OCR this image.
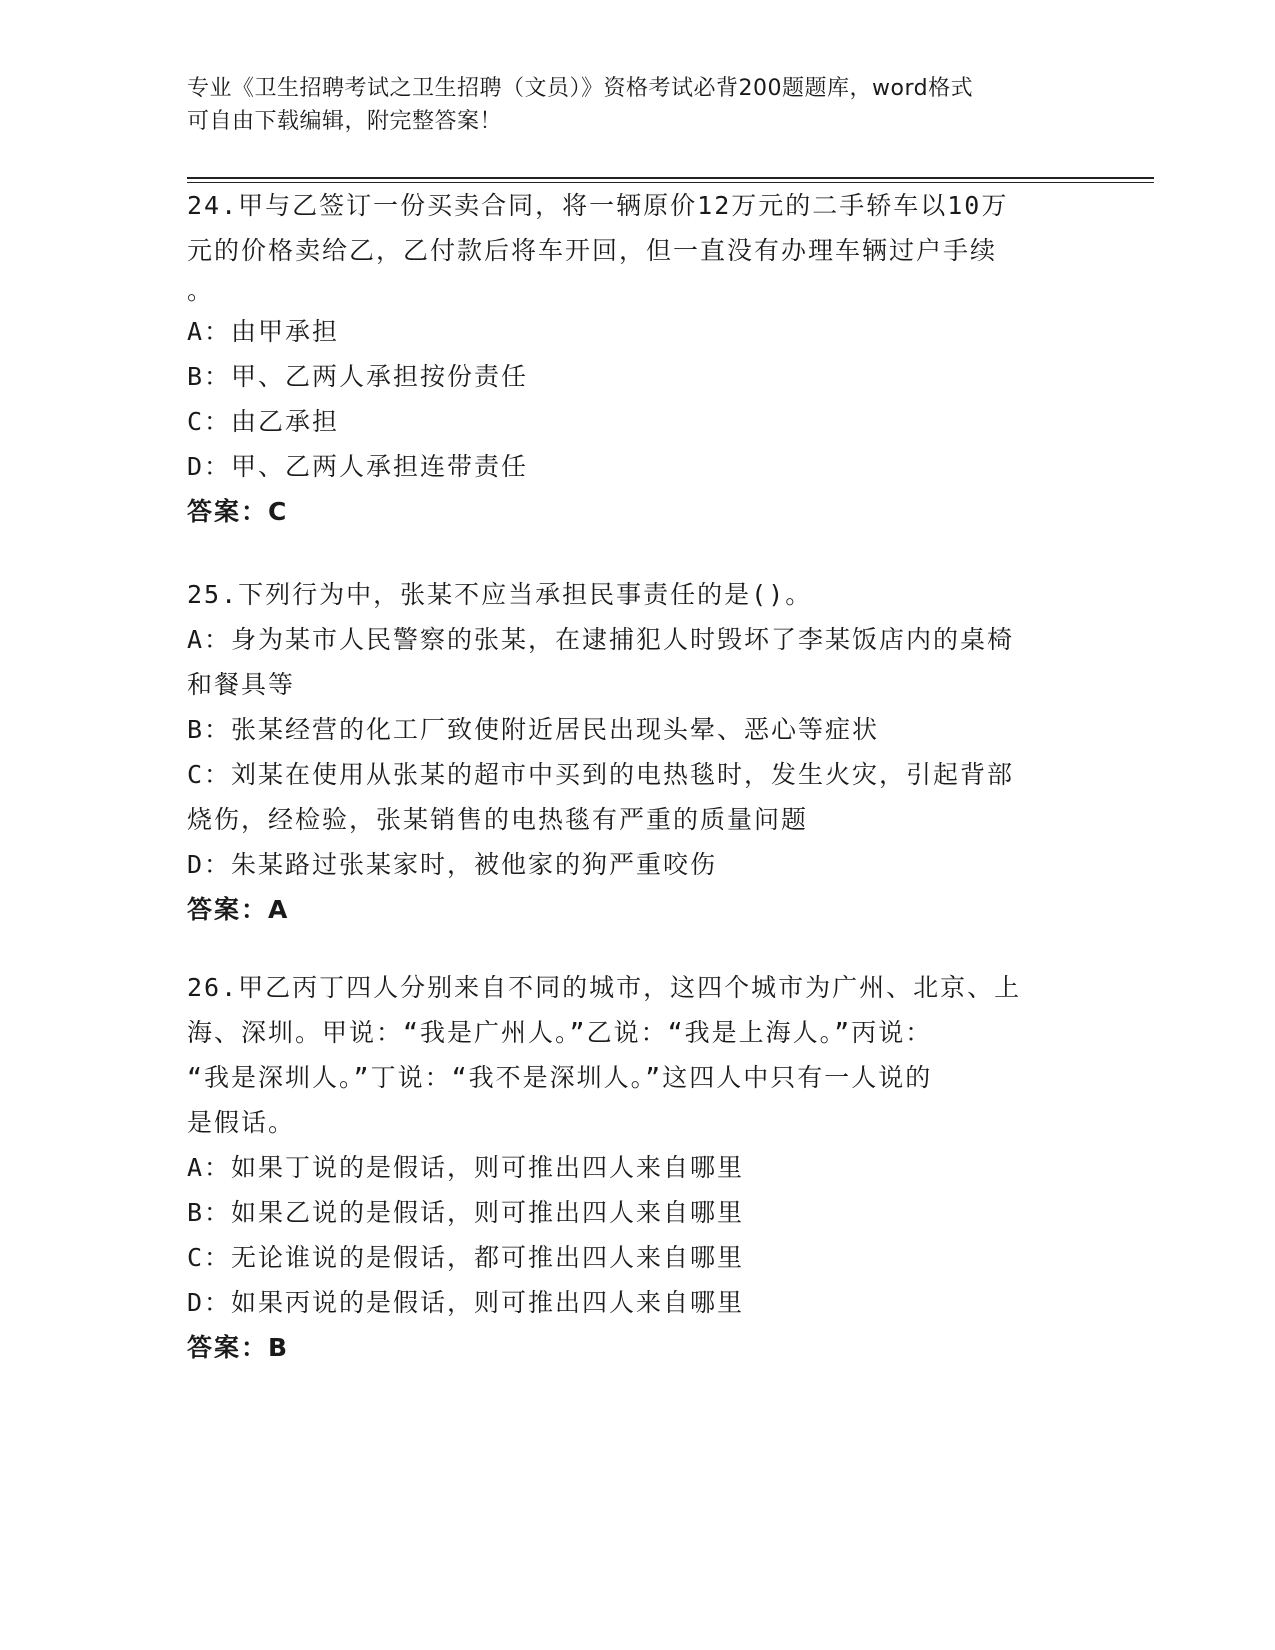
专业《卫生招聘考试之卫生招聘（文员）》资格考试必背200题题库，word格式
可自由下载编辑，附完整答案！
24.甲与乙签订一份买卖合同，将一辆原价12万元的二手轿车以10万
元的价格卖给乙，乙付款后将车开回，但一直没有办理车辆过户手续
。
A：由甲承担
B：甲、乙两人承担按份责任
C：由乙承担
D：甲、乙两人承担连带责任
答案：C
25.下列行为中，张某不应当承担民事责任的是()。
A：身为某市人民警察的张某，在逮捕犯人时毁坏了李某饭店内的桌椅
和餐具等
B：张某经营的化工厂致使附近居民出现头晕、恶心等症状
C：刘某在使用从张某的超市中买到的电热毯时，发生火灾，引起背部
烧伤，经检验，张某销售的电热毯有严重的质量问题
D：朱某路过张某家时，被他家的狗严重咬伤
答案：A
26.甲乙丙丁四人分别来自不同的城市，这四个城市为广州、北京、上
海、深圳。甲说：“我是广州人。”乙说：“我是上海人。”丙说：
“我是深圳人。”丁说：“我不是深圳人。”这四人中只有一人说的
是假话。
A：如果丁说的是假话，则可推出四人来自哪里
B：如果乙说的是假话，则可推出四人来自哪里
C：无论谁说的是假话，都可推出四人来自哪里
D：如果丙说的是假话，则可推出四人来自哪里
答案：B
